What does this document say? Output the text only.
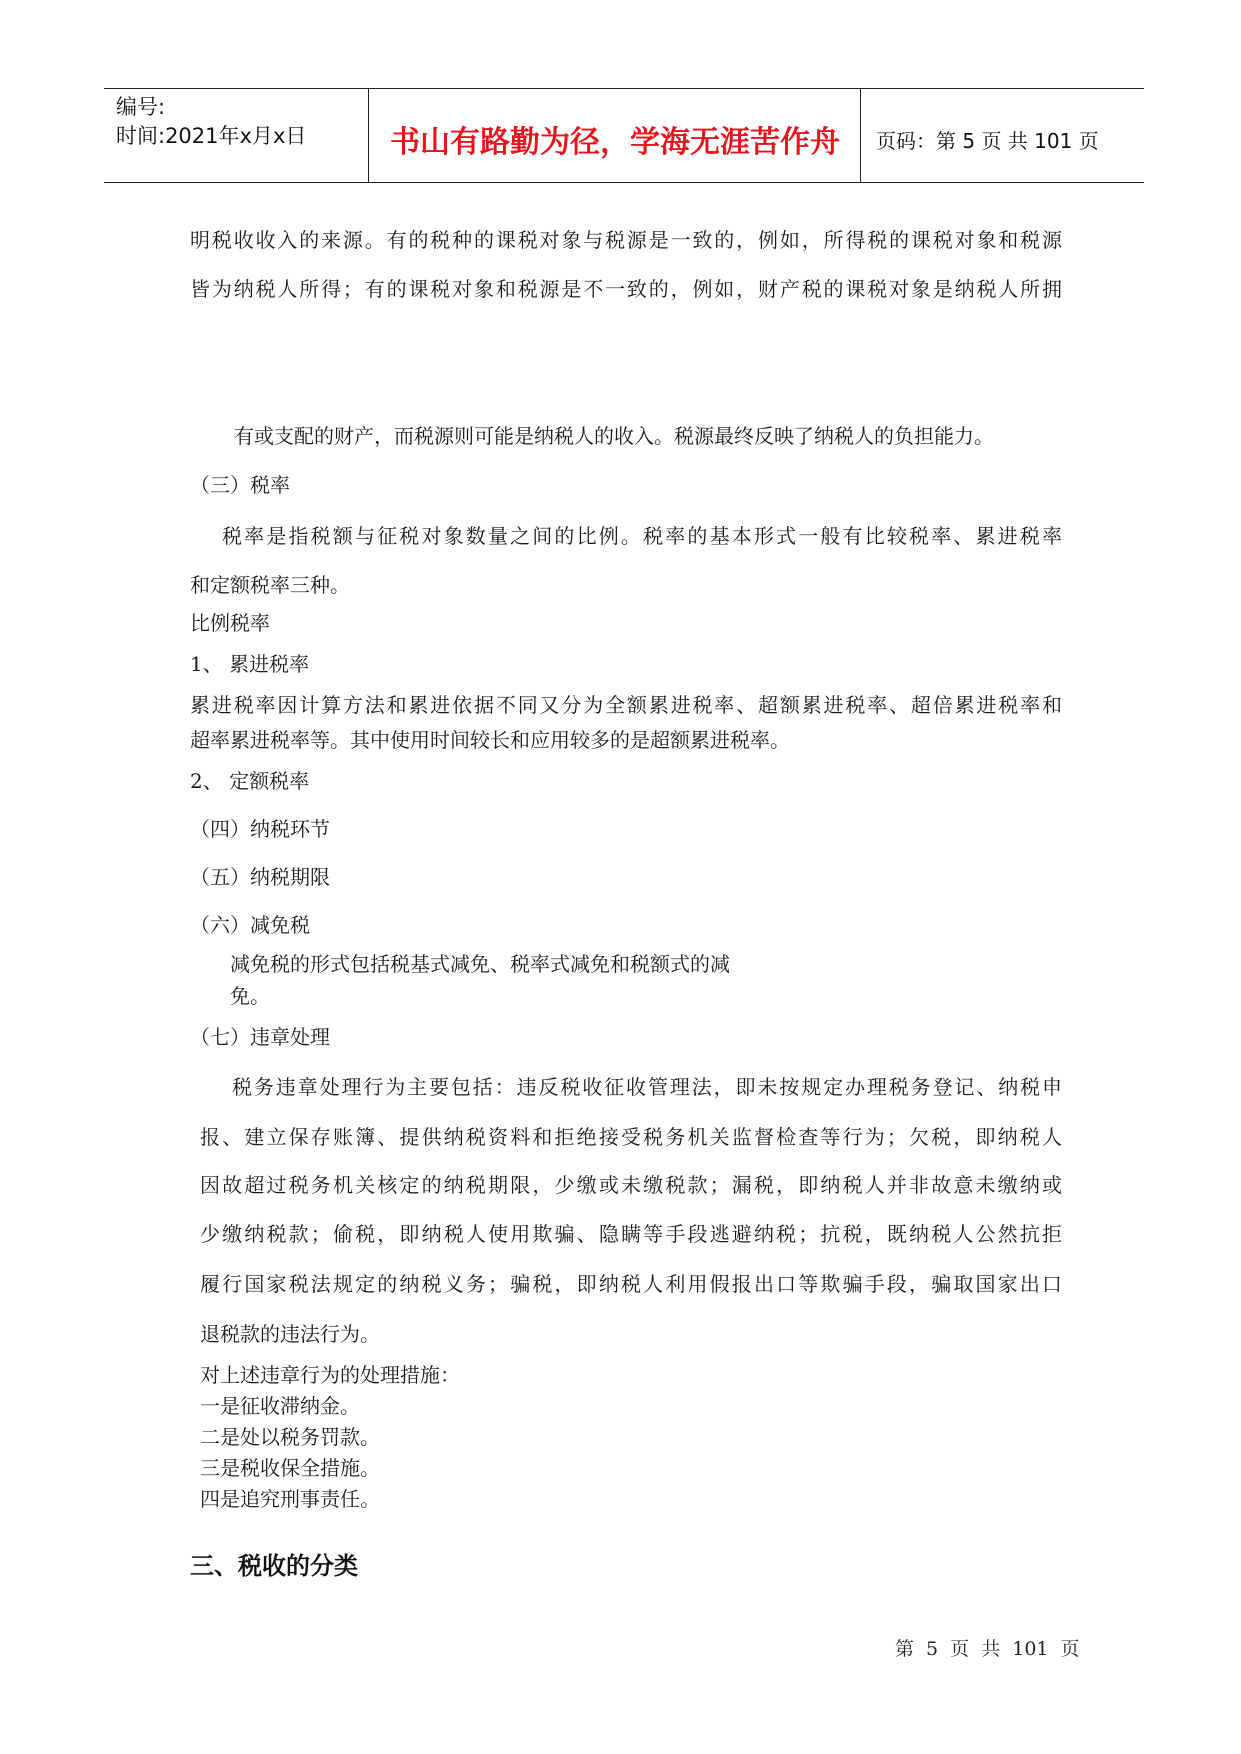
编号:
时间:2021年x月x日	书山有路勤为径，学海无涯苦作舟	页码：第 5 页 共 101 页
明税收收入的来源。有的税种的课税对象与税源是一致的，例如，所得税的课税对象和税源
皆为纳税人所得；有的课税对象和税源是不一致的，例如，财产税的课税对象是纳税人所拥
有或支配的财产，而税源则可能是纳税人的收入。税源最终反映了纳税人的负担能力。
（三）税率
税率是指税额与征税对象数量之间的比例。税率的基本形式一般有比较税率、累进税率
和定额税率三种。
比例税率
1、 累进税率
累进税率因计算方法和累进依据不同又分为全额累进税率、超额累进税率、超倍累进税率和
超率累进税率等。其中使用时间较长和应用较多的是超额累进税率。
2、 定额税率
（四）纳税环节
（五）纳税期限
（六）减免税
减免税的形式包括税基式减免、税率式减免和税额式的减
免。
（七）违章处理
税务违章处理行为主要包括：违反税收征收管理法，即未按规定办理税务登记、纳税申
报、建立保存账簿、提供纳税资料和拒绝接受税务机关监督检查等行为；欠税，即纳税人
因故超过税务机关核定的纳税期限，少缴或未缴税款；漏税，即纳税人并非故意未缴纳或
少缴纳税款；偷税，即纳税人使用欺骗、隐瞒等手段逃避纳税；抗税，既纳税人公然抗拒
履行国家税法规定的纳税义务；骗税，即纳税人利用假报出口等欺骗手段，骗取国家出口
退税款的违法行为。
对上述违章行为的处理措施：
一是征收滞纳金。
二是处以税务罚款。
三是税收保全措施。
四是追究刑事责任。
三、税收的分类
第 5 页 共 101 页
